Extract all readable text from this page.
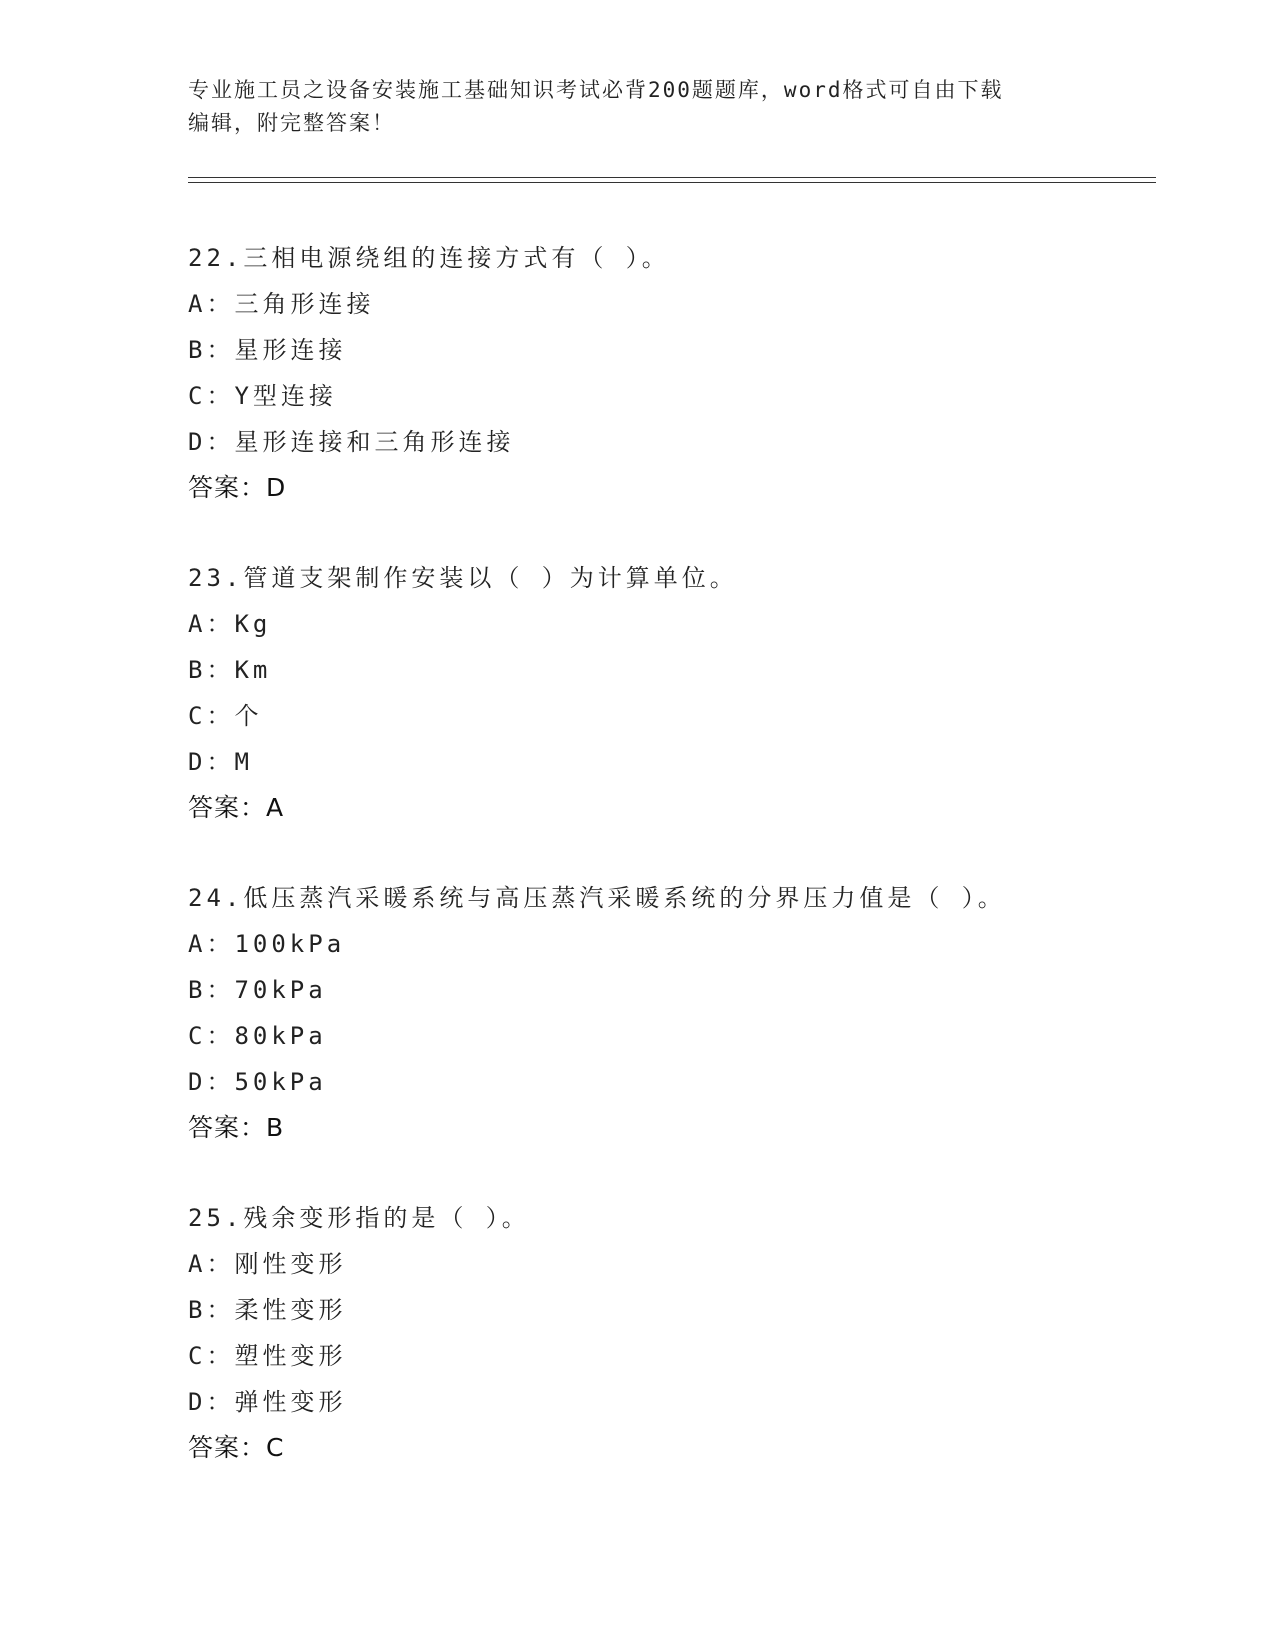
专业施工员之设备安装施工基础知识考试必背200题题库，word格式可自由下载
编辑，附完整答案！
22.三相电源绕组的连接方式有（ ）。
A：三角形连接
B：星形连接
C：Y型连接
D：星形连接和三角形连接
答案：D
23.管道支架制作安装以（ ）为计算单位。
A：Kg
B：Km
C：个
D：M
答案：A
24.低压蒸汽采暖系统与高压蒸汽采暖系统的分界压力值是（ ）。
A：100kPa
B：70kPa
C：80kPa
D：50kPa
答案：B
25.残余变形指的是（ ）。
A：刚性变形
B：柔性变形
C：塑性变形
D：弹性变形
答案：C
